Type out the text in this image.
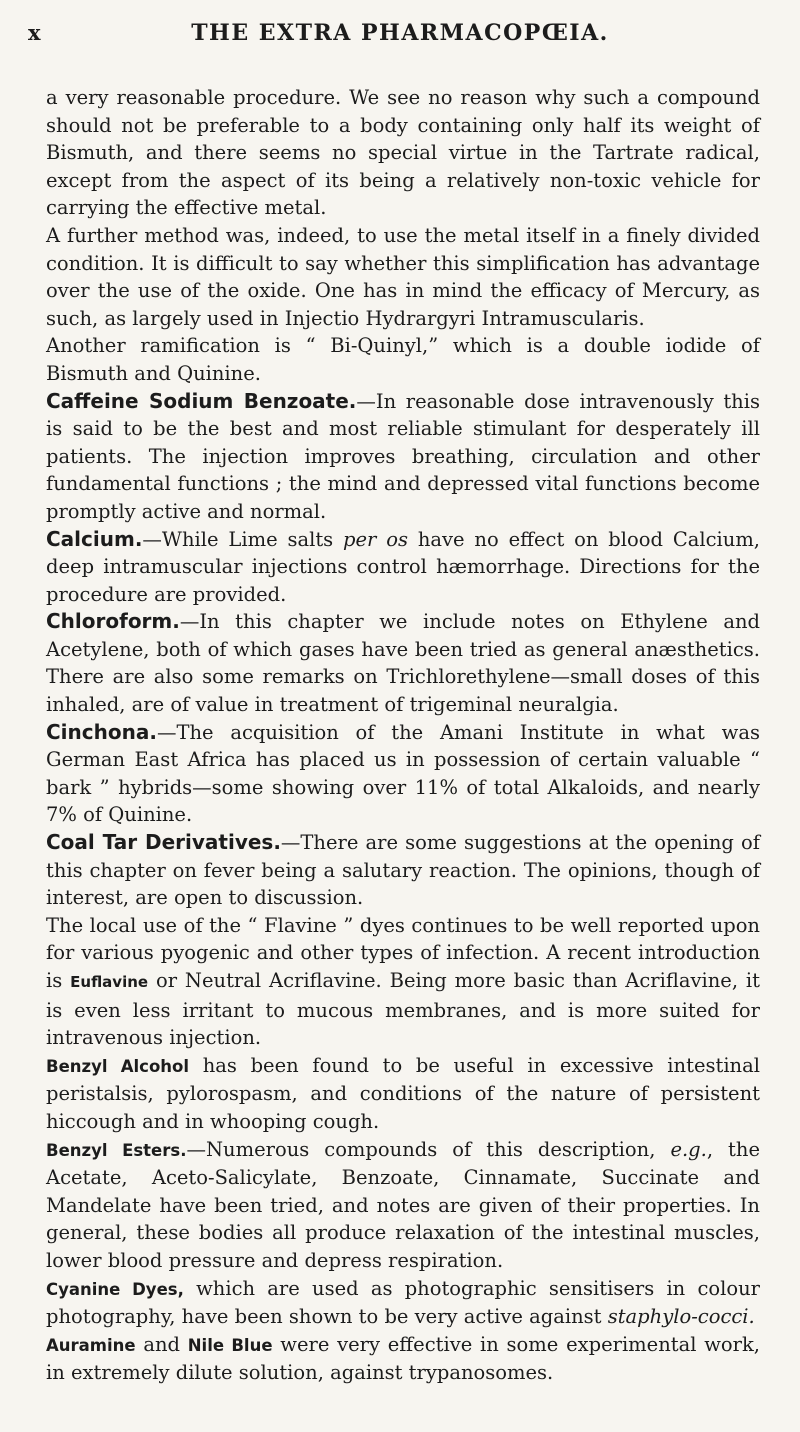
x	THE EXTRA PHARMACOPŒIA.

a very reasonable procedure. We see no reason why such a compound should not be preferable to a body containing only half its weight of Bismuth, and there seems no special virtue in the Tartrate radical, except from the aspect of its being a relatively non-toxic vehicle for carrying the effective metal.

A further method was, indeed, to use the metal itself in a finely divided condition. It is difficult to say whether this simplification has advantage over the use of the oxide. One has in mind the efficacy of Mercury, as such, as largely used in Injectio Hydrargyri Intramuscularis.

Another ramification is “ Bi-Quinyl,” which is a double iodide of Bismuth and Quinine.

Caffeine Sodium Benzoate.—In reasonable dose intravenously this is said to be the best and most reliable stimulant for desperately ill patients. The injection improves breathing, circulation and other fundamental functions ; the mind and depressed vital functions become promptly active and normal.

Calcium.—While Lime salts per os have no effect on blood Calcium, deep intramuscular injections control hæmorrhage. Directions for the procedure are provided.

Chloroform.—In this chapter we include notes on Ethylene and Acetylene, both of which gases have been tried as general anæsthetics. There are also some remarks on Trichlorethylene—small doses of this inhaled, are of value in treatment of trigeminal neuralgia.

Cinchona.—The acquisition of the Amani Institute in what was German East Africa has placed us in possession of certain valuable “ bark ” hybrids—some showing over 11% of total Alkaloids, and nearly 7% of Quinine.

Coal Tar Derivatives.—There are some suggestions at the opening of this chapter on fever being a salutary reaction. The opinions, though of interest, are open to discussion.

The local use of the “ Flavine ” dyes continues to be well reported upon for various pyogenic and other types of infection. A recent introduction is Euflavine or Neutral Acriflavine. Being more basic than Acriflavine, it is even less irritant to mucous membranes, and is more suited for intravenous injection.

Benzyl Alcohol has been found to be useful in excessive intestinal peristalsis, pylorospasm, and conditions of the nature of persistent hiccough and in whooping cough.

Benzyl Esters.—Numerous compounds of this description, e.g., the Acetate, Aceto-Salicylate, Benzoate, Cinnamate, Succinate and Mandelate have been tried, and notes are given of their properties. In general, these bodies all produce relaxation of the intestinal muscles, lower blood pressure and depress respiration.

Cyanine Dyes, which are used as photographic sensitisers in colour photography, have been shown to be very active against staphylo-cocci.

Auramine and Nile Blue were very effective in some experimental work, in extremely dilute solution, against trypanosomes.
